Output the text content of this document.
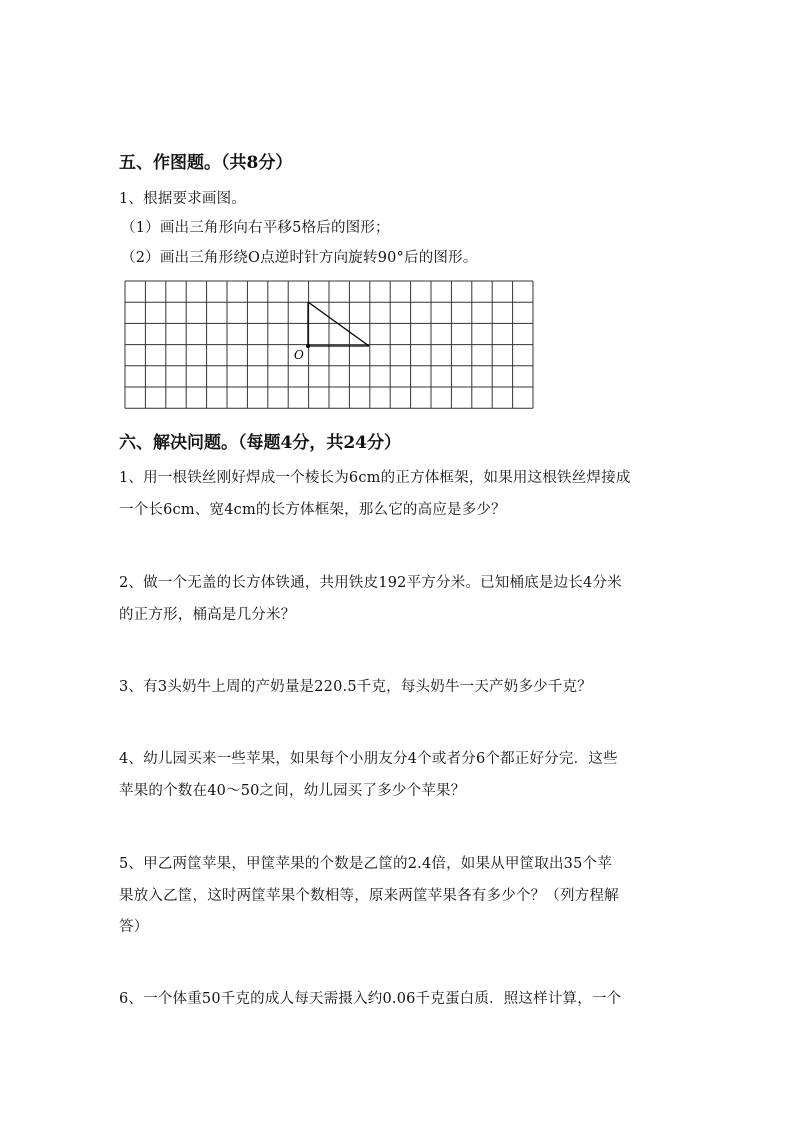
五、作图题。（共8分）
1、根据要求画图。
（1）画出三角形向右平移5格后的图形；
（2）画出三角形绕O点逆时针方向旋转90°后的图形。
O
六、解决问题。（每题4分，共24分）
1、用一根铁丝刚好焊成一个棱长为6cm的正方体框架，如果用这根铁丝焊接成
一个长6cm、宽4cm的长方体框架，那么它的高应是多少？
2、做一个无盖的长方体铁通，共用铁皮192平方分米。已知桶底是边长4分米
的正方形，桶高是几分米？
3、有3头奶牛上周的产奶量是220.5千克，每头奶牛一天产奶多少千克？
4、幼儿园买来一些苹果，如果每个小朋友分4个或者分6个都正好分完．这些
苹果的个数在40～50之间，幼儿园买了多少个苹果？
5、甲乙两筐苹果，甲筐苹果的个数是乙筐的2.4倍，如果从甲筐取出35个苹
果放入乙筐，这时两筐苹果个数相等，原来两筐苹果各有多少个？（列方程解
答）
6、一个体重50千克的成人每天需摄入约0.06千克蛋白质．照这样计算，一个
